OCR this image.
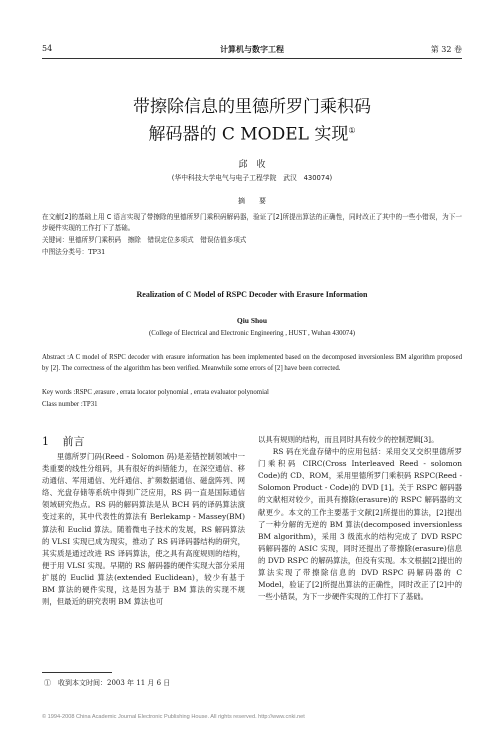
54	计算机与数字工程	第 32 卷
带擦除信息的里德所罗门乘积码
解码器的 C MODEL 实现①
邱　收
(华中科技大学电气与电子工程学院　武汉　430074)
摘　　要
在文献[2]的基础上用 C 语言实现了带擦除的里德所罗门乘积码解码器，验证了[2]所提出算法的正确性，同时改正了其中的一些小错误，为下一步硬件实现的工作打下了基础。
关键词：里德所罗门乘积码　擦除　错误定位多项式　错误估值多项式
中图法分类号：TP31
Realization of C Model of RSPC Decoder with Erasure Information
Qiu Shou
(College of Electrical and Electronic Engineering , HUST , Wuhan 430074)
Abstract :A C model of RSPC decoder with erasure information has been implemented based on the decomposed inversionless BM algorithm proposed by [2]. The correctness of the algorithm has been verified. Meanwhile some errors of [2] have been corrected.
Key words :RSPC ,erasure , errata locator polynomial , errata evaluator polynomial
Class number :TP31
1 前言

里德所罗门码(Reed - Solomon 码)是差错控制领域中一类重要的线性分组码，具有很好的纠错能力，在深空通信、移动通信、军用通信、光纤通信、扩频数据通信、磁盘阵列、网络、光盘存储等系统中得到广泛应用，RS 码一直是国际通信领域研究热点。RS 码的解码算法是从 BCH 码的译码算法演变过来的，其中代表性的算法有 Berlekamp - Massey(BM)算法和 Euclid 算法。随着微电子技术的发展，RS 解码算法的 VLSI 实现已成为现实，推动了 RS 码译码器结构的研究，其实质是通过改进 RS 译码算法，使之具有高度规则的结构，便于用 VLSI 实现。早期的 RS 解码器的硬件实现大部分采用扩展的 Euclid 算法(extended Euclidean)，较少有基于 BM 算法的硬件实现，这是因为基于 BM 算法的实现不规则，但最近的研究表明 BM 算法也可

以具有规则的结构，而且同时具有较少的控制逻辑[3]。

RS 码在光盘存储中的应用包括：采用交叉交织里德所罗门乘积码 CIRC(Cross Interleaved Reed - solomon Code)的 CD、ROM，采用里德所罗门乘积码 RSPC(Reed - Solomon Product - Code)的 DVD [1]。关于 RSPC 解码器的文献相对较少，而具有擦除(erasure)的 RSPC 解码器的文献更少。本文的工作主要基于文献[2]所提出的算法，[2]提出了一种分解的无逆的 BM 算法(decomposed inversionless BM algorithm)，采用 3 级流水的结构完成了 DVD RSPC 码解码器的 ASIC 实现，同时还提出了带擦除(erasure)信息的 DVD RSPC 的解码算法，但没有实现。本文根据[2]提出的算法实现了带擦除信息的 DVD RSPC 码解码器的 C Model，验证了[2]所提出算法的正确性，同时改正了[2]中的一些小错误，为下一步硬件实现的工作打下了基础。

①　收到本文时间：2003 年 11 月 6 日
© 1994-2008 China Academic Journal Electronic Publishing House. All rights reserved. http://www.cnki.net
